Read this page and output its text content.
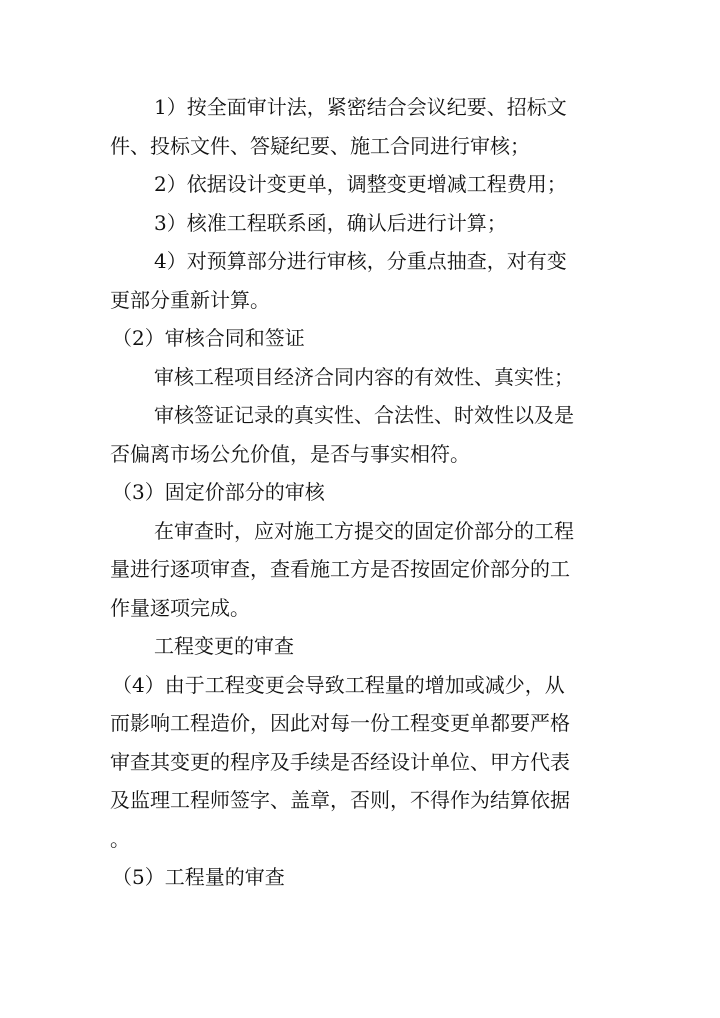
1）按全面审计法，紧密结合会议纪要、招标文
件、投标文件、答疑纪要、施工合同进行审核；
2）依据设计变更单，调整变更增减工程费用；
3）核准工程联系函，确认后进行计算；
4）对预算部分进行审核，分重点抽查，对有变
更部分重新计算。
（2）审核合同和签证
审核工程项目经济合同内容的有效性、真实性；
审核签证记录的真实性、合法性、时效性以及是
否偏离市场公允价值，是否与事实相符。
（3）固定价部分的审核
在审查时，应对施工方提交的固定价部分的工程
量进行逐项审查，查看施工方是否按固定价部分的工
作量逐项完成。
工程变更的审查
（4）由于工程变更会导致工程量的增加或减少，从
而影响工程造价，因此对每一份工程变更单都要严格
审查其变更的程序及手续是否经设计单位、甲方代表
及监理工程师签字、盖章，否则，不得作为结算依据
。
（5）工程量的审查
